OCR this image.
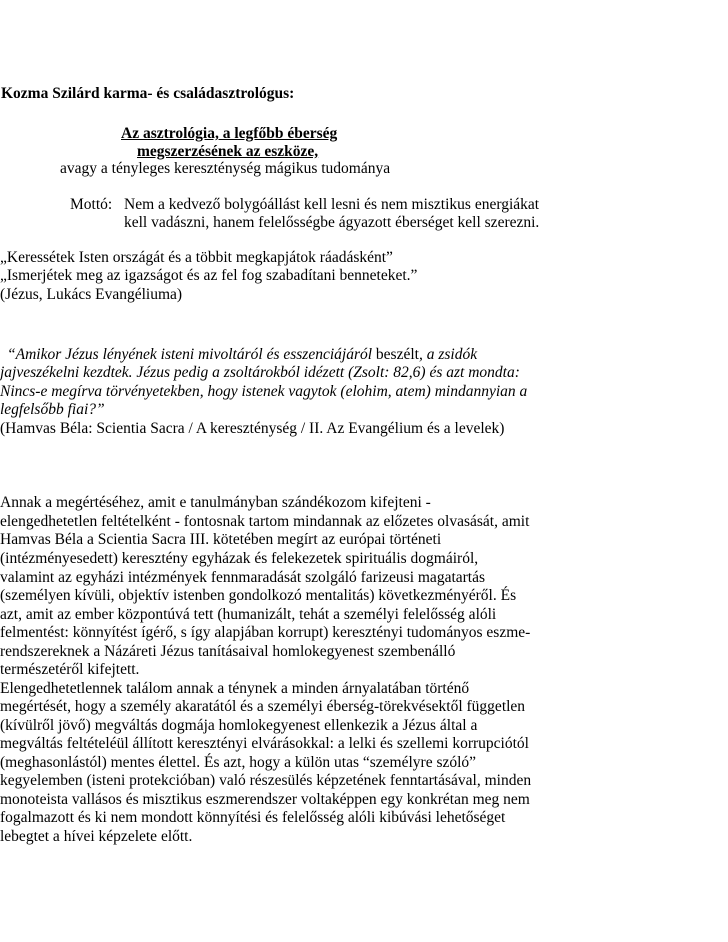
Kozma Szilárd karma- és családasztrológus:
Az asztrológia, a legfőbb éberség
megszerzésének az eszköze,
avagy a tényleges kereszténység mágikus tudománya
Mottó: Nem a kedvező bolygóállást kell lesni és nem misztikus energiákat
kell vadászni, hanem felelősségbe ágyazott éberséget kell szerezni.
„Keressétek Isten országát és a többit megkapjátok ráadásként”
„Ismerjétek meg az igazságot és az fel fog szabadítani benneteket.”
(Jézus, Lukács Evangéliuma)
“Amikor Jézus lényének isteni mivoltáról és esszenciájáról beszélt, a zsidók
jajveszékelni kezdtek. Jézus pedig a zsoltárokból idézett (Zsolt: 82,6) és azt mondta:
Nincs-e megírva törvényetekben, hogy istenek vagytok (elohim, atem) mindannyian a
legfelsőbb fiai?”
(Hamvas Béla: Scientia Sacra / A kereszténység / II. Az Evangélium és a levelek)
Annak a megértéséhez, amit e tanulmányban szándékozom kifejteni -
elengedhetetlen feltételként - fontosnak tartom mindannak az előzetes olvasását, amit
Hamvas Béla a Scientia Sacra III. kötetében megírt az európai történeti
(intézményesedett) keresztény egyházak és felekezetek spirituális dogmáiról,
valamint az egyházi intézmények fennmaradását szolgáló farizeusi magatartás
(személyen kívüli, objektív istenben gondolkozó mentalitás) következményéről. És
azt, amit az ember központúvá tett (humanizált, tehát a személyi felelősség alóli
felmentést: könnyítést ígérő, s így alapjában korrupt) keresztényi tudományos eszme-
rendszereknek a Názáreti Jézus tanításaival homlokegyenest szembenálló
természetéről kifejtett.
Elengedhetetlennek találom annak a ténynek a minden árnyalatában történő
megértését, hogy a személy akaratától és a személyi éberség-törekvésektől független
(kívülről jövő) megváltás dogmája homlokegyenest ellenkezik a Jézus által a
megváltás feltételéül állított keresztényi elvárásokkal: a lelki és szellemi korrupciótól
(meghasonlástól) mentes élettel. És azt, hogy a külön utas “személyre szóló”
kegyelemben (isteni protekcióban) való részesülés képzetének fenntartásával, minden
monoteista vallásos és misztikus eszmerendszer voltaképpen egy konkrétan meg nem
fogalmazott és ki nem mondott könnyítési és felelősség alóli kibúvási lehetőséget
lebegtet a hívei képzelete előtt.
